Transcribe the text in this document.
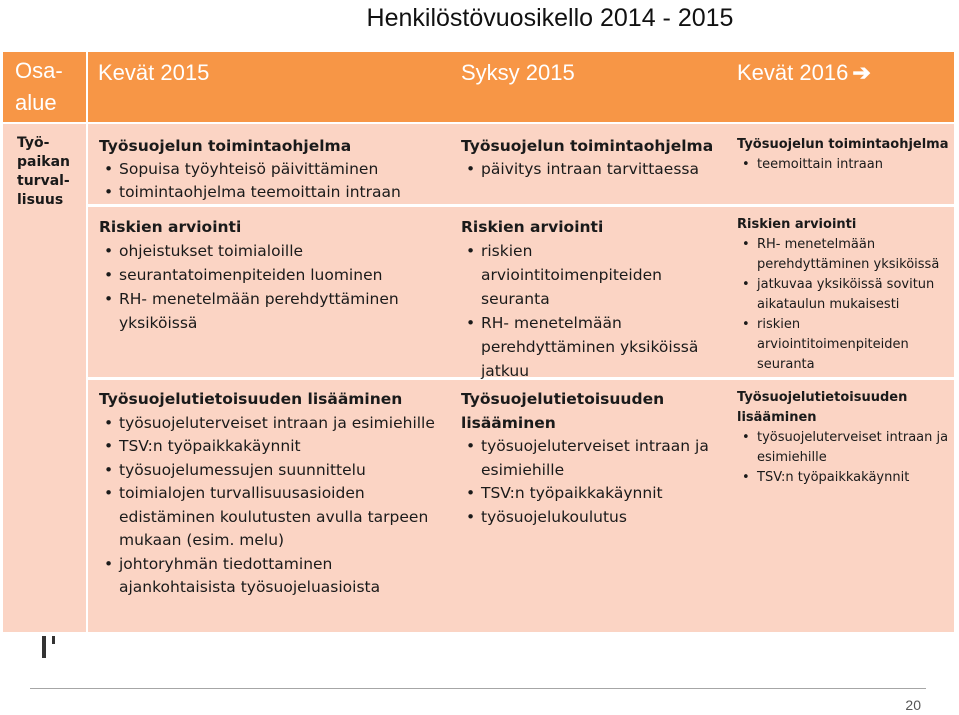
Henkilöstövuosikello 2014 - 2015
Osa-
alue
Kevät 2015	Syksy 2015	Kevät 2016 ➔
Työ-
paikan
turval-
lisuus
Työsuojelun toimintaohjelma
• Sopuisa työyhteisö päivittäminen
• toimintaohjelma teemoittain intraan
Riskien arviointi
• ohjeistukset toimialoille
• seurantatoimenpiteiden luominen
• RH- menetelmään perehdyttäminen yksiköissä
Työsuojelutietoisuuden lisääminen
• työsuojeluterveiset intraan ja esimiehille
• TSV:n työpaikkakäynnit
• työsuojelumessujen suunnittelu
• toimialojen turvallisuusasioiden edistäminen koulutusten avulla tarpeen mukaan (esim. melu)
• johtoryhmän tiedottaminen ajankohtaisista työsuojeluasioista
Työsuojelun toimintaohjelma
• päivitys intraan tarvittaessa
Riskien arviointi
• riskien arviointitoimenpiteiden seuranta
• RH- menetelmään perehdyttäminen yksiköissä jatkuu
Työsuojelutietoisuuden lisääminen
• työsuojeluterveiset intraan ja esimiehille
• TSV:n työpaikkakäynnit
• työsuojelukoulutus
Työsuojelun toimintaohjelma
• teemoittain intraan
Riskien arviointi
• RH- menetelmään perehdyttäminen yksiköissä
• jatkuvaa yksiköissä sovitun aikataulun mukaisesti
• riskien arviointitoimenpiteiden seuranta
Työsuojelutietoisuuden lisääminen
• työsuojeluterveiset intraan ja esimiehille
• TSV:n työpaikkakäynnit
20
